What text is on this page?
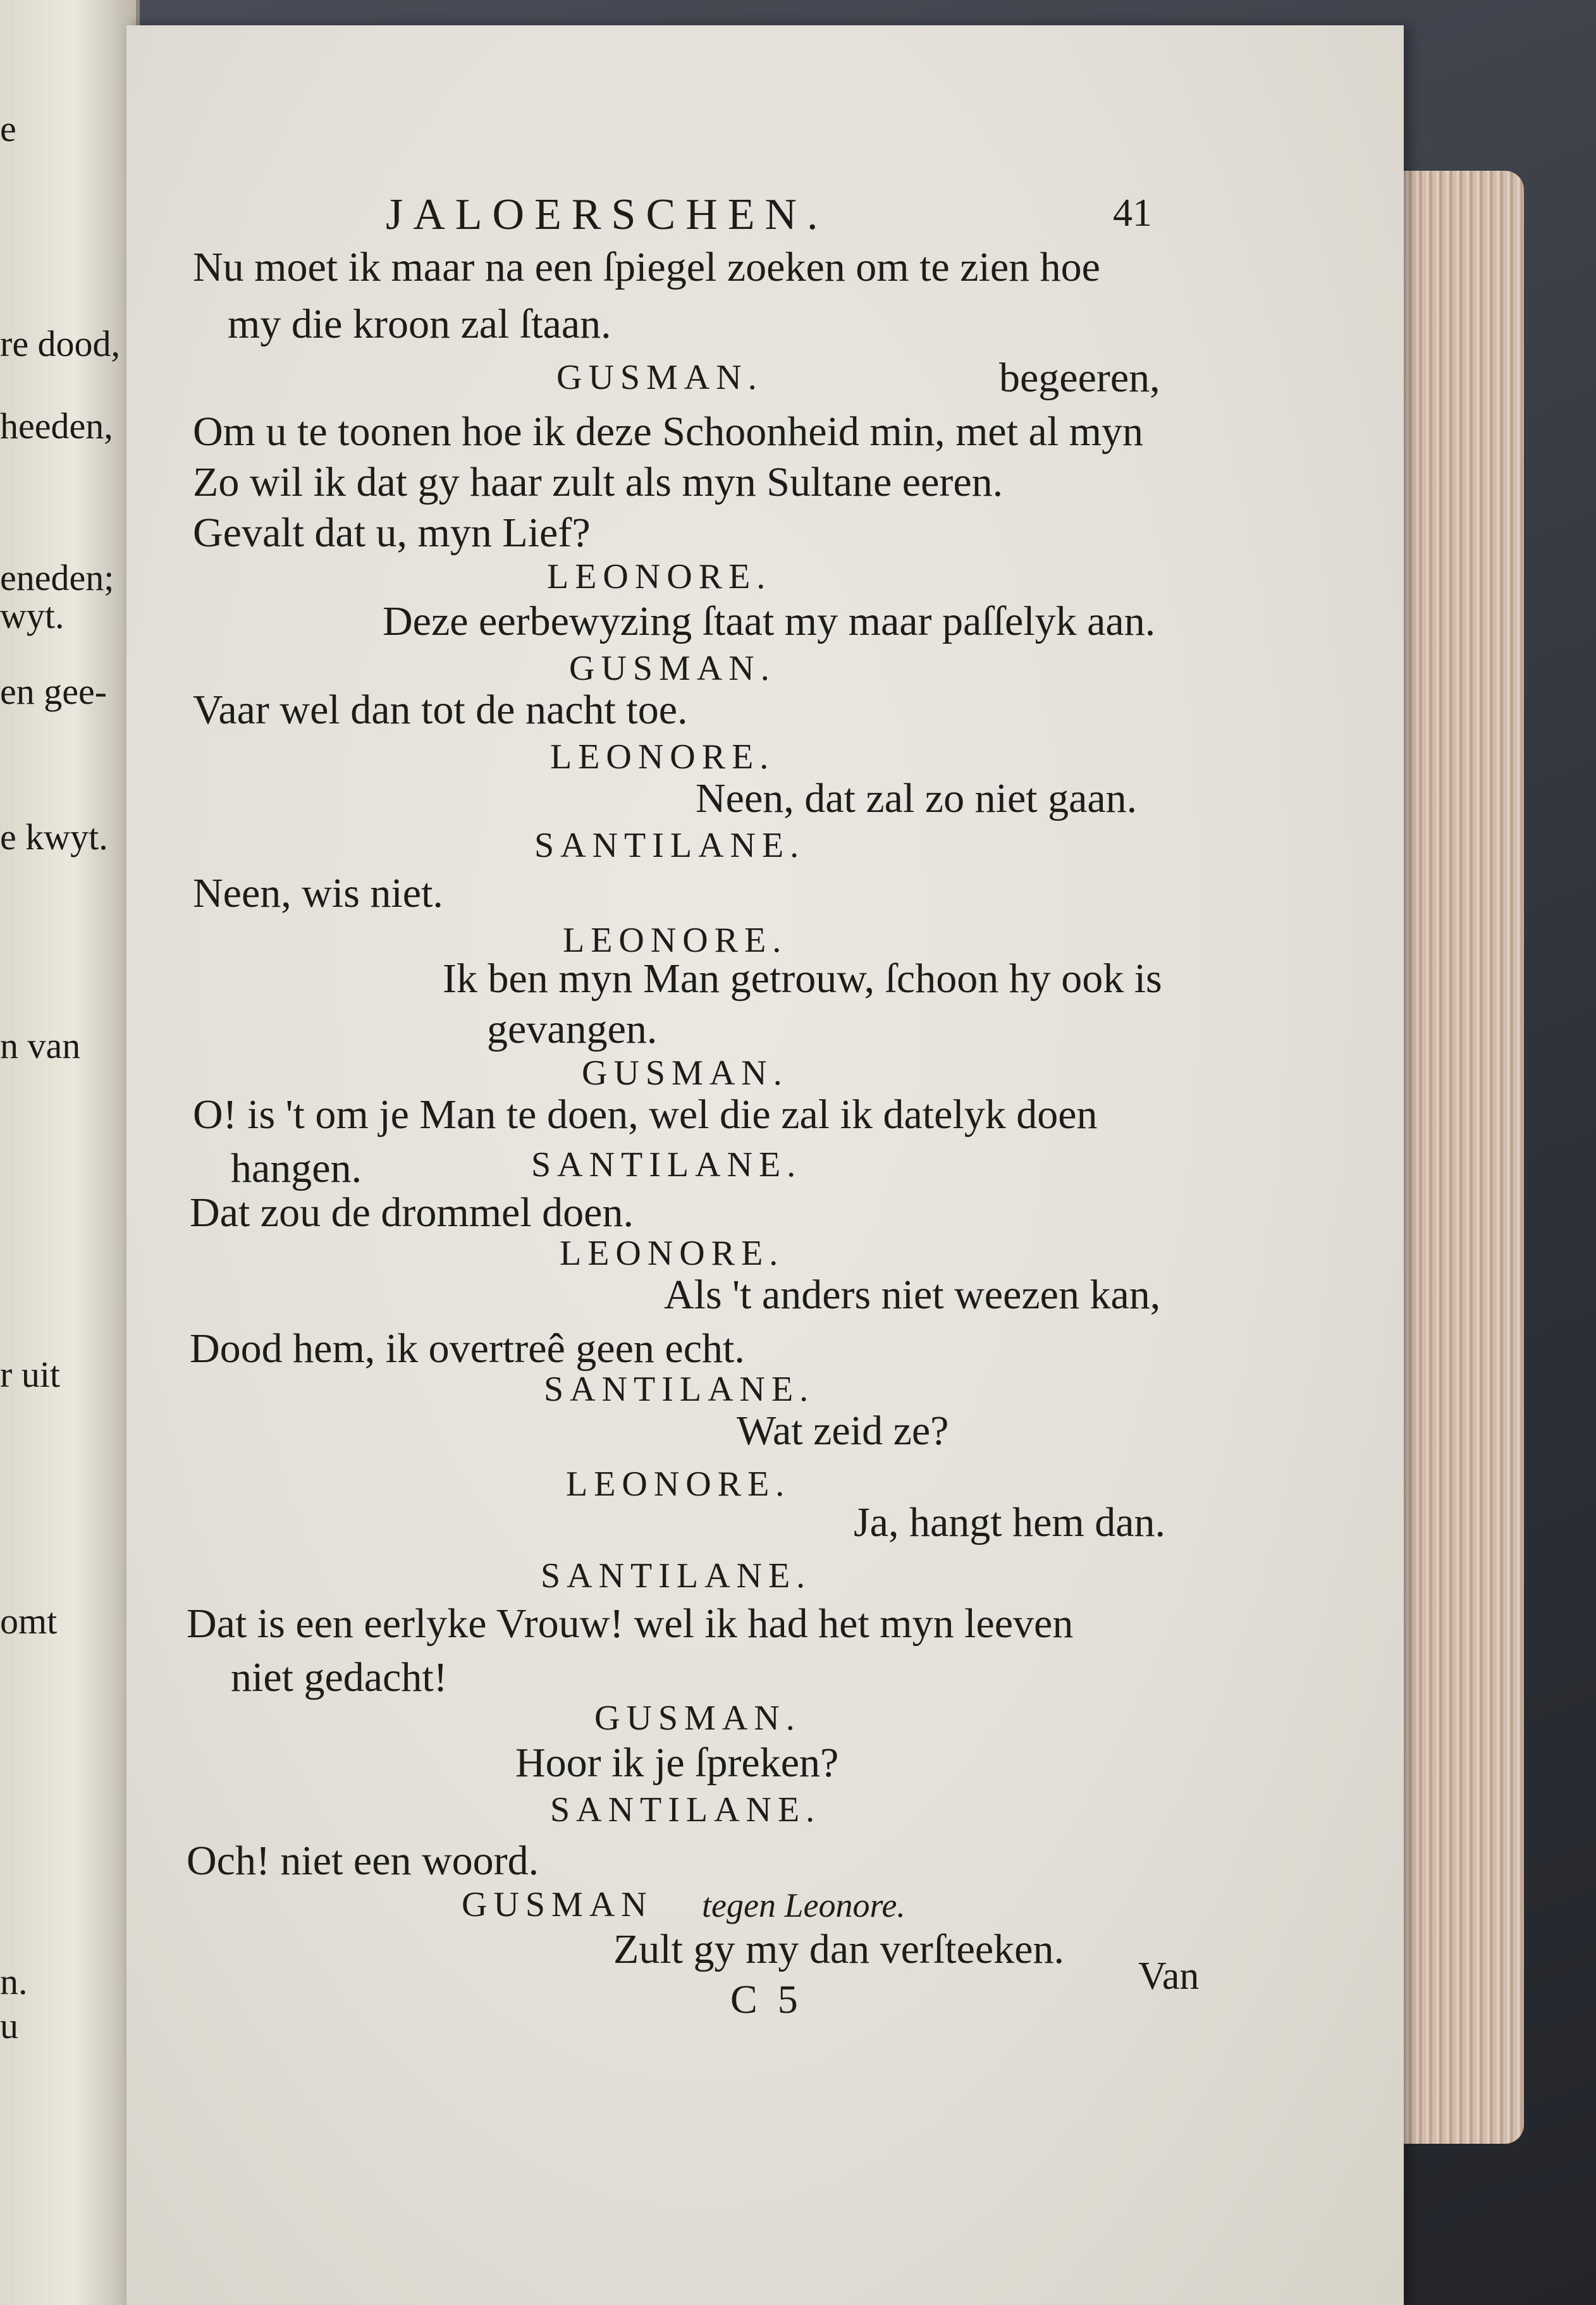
e
re dood,
heeden,
eneden;
wyt.
en gee-
e kwyt.
n van
r uit
omt
n.
u
JALOERSCHEN.	41
Nu moet ik maar na een ſpiegel zoeken om te zien hoe
my die kroon zal ſtaan.
GUSMAN.	begeeren,
Om u te toonen hoe ik deze Schoonheid min, met al myn
Zo wil ik dat gy haar zult als myn Sultane eeren.
Gevalt dat u, myn Lief?
LEONORE.
Deze eerbewyzing ſtaat my maar paſſelyk aan.
GUSMAN.
Vaar wel dan tot de nacht toe.
LEONORE.
Neen, dat zal zo niet gaan.
SANTILANE.
Neen, wis niet.
LEONORE.
Ik ben myn Man getrouw, ſchoon hy ook is
gevangen.
GUSMAN.
O! is 't om je Man te doen, wel die zal ik datelyk doen
hangen.	SANTILANE.
Dat zou de drommel doen.
LEONORE.
Als 't anders niet weezen kan,
Dood hem, ik overtreê geen echt.
SANTILANE.
Wat zeid ze?
LEONORE.
Ja, hangt hem dan.
SANTILANE.
Dat is een eerlyke Vrouw! wel ik had het myn leeven
niet gedacht!
GUSMAN.
Hoor ik je ſpreken?
SANTILANE.
Och! niet een woord.
GUSMAN tegen Leonore.
Zult gy my dan verſteeken.
C 5
Van
